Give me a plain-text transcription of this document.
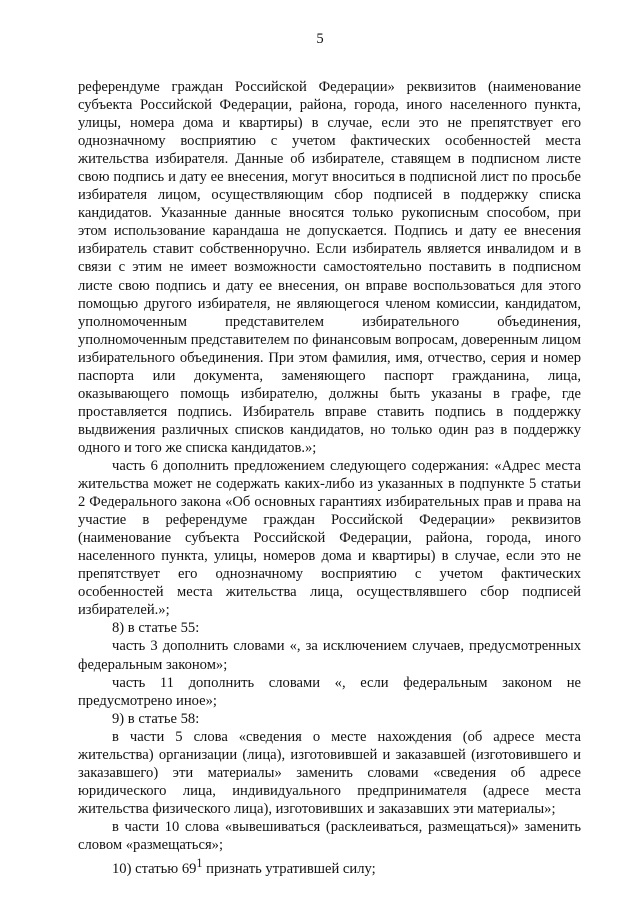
5

референдуме граждан Российской Федерации» реквизитов (наименование субъекта Российской Федерации, района, города, иного населенного пункта, улицы, номера дома и квартиры) в случае, если это не препятствует его однозначному восприятию с учетом фактических особенностей места жительства избирателя. Данные об избирателе, ставящем в подписном листе свою подпись и дату ее внесения, могут вноситься в подписной лист по просьбе избирателя лицом, осуществляющим сбор подписей в поддержку списка кандидатов. Указанные данные вносятся только рукописным способом, при этом использование карандаша не допускается. Подпись и дату ее внесения избиратель ставит собственноручно. Если избиратель является инвалидом и в связи с этим не имеет возможности самостоятельно поставить в подписном листе свою подпись и дату ее внесения, он вправе воспользоваться для этого помощью другого избирателя, не являющегося членом комиссии, кандидатом, уполномоченным представителем избирательного объединения, уполномоченным представителем по финансовым вопросам, доверенным лицом избирательного объединения. При этом фамилия, имя, отчество, серия и номер паспорта или документа, заменяющего паспорт гражданина, лица, оказывающего помощь избирателю, должны быть указаны в графе, где проставляется подпись. Избиратель вправе ставить подпись в поддержку выдвижения различных списков кандидатов, но только один раз в поддержку одного и того же списка кандидатов.»;

часть 6 дополнить предложением следующего содержания: «Адрес места жительства может не содержать каких-либо из указанных в подпункте 5 статьи 2 Федерального закона «Об основных гарантиях избирательных прав и права на участие в референдуме граждан Российской Федерации» реквизитов (наименование субъекта Российской Федерации, района, города, иного населенного пункта, улицы, номеров дома и квартиры) в случае, если это не препятствует его однозначному восприятию с учетом фактических особенностей места жительства лица, осуществлявшего сбор подписей избирателей.»;

8) в статье 55:

часть 3 дополнить словами «, за исключением случаев, предусмотренных федеральным законом»;

часть 11 дополнить словами «, если федеральным законом не предусмотрено иное»;

9) в статье 58:

в части 5 слова «сведения о месте нахождения (об адресе места жительства) организации (лица), изготовившей и заказавшей (изготовившего и заказавшего) эти материалы» заменить словами «сведения об адресе юридического лица, индивидуального предпринимателя (адресе места жительства физического лица), изготовивших и заказавших эти материалы»;

в части 10 слова «вывешиваться (расклеиваться, размещаться)» заменить словом «размещаться»;

10) статью $69^1$ признать утратившей силу;
